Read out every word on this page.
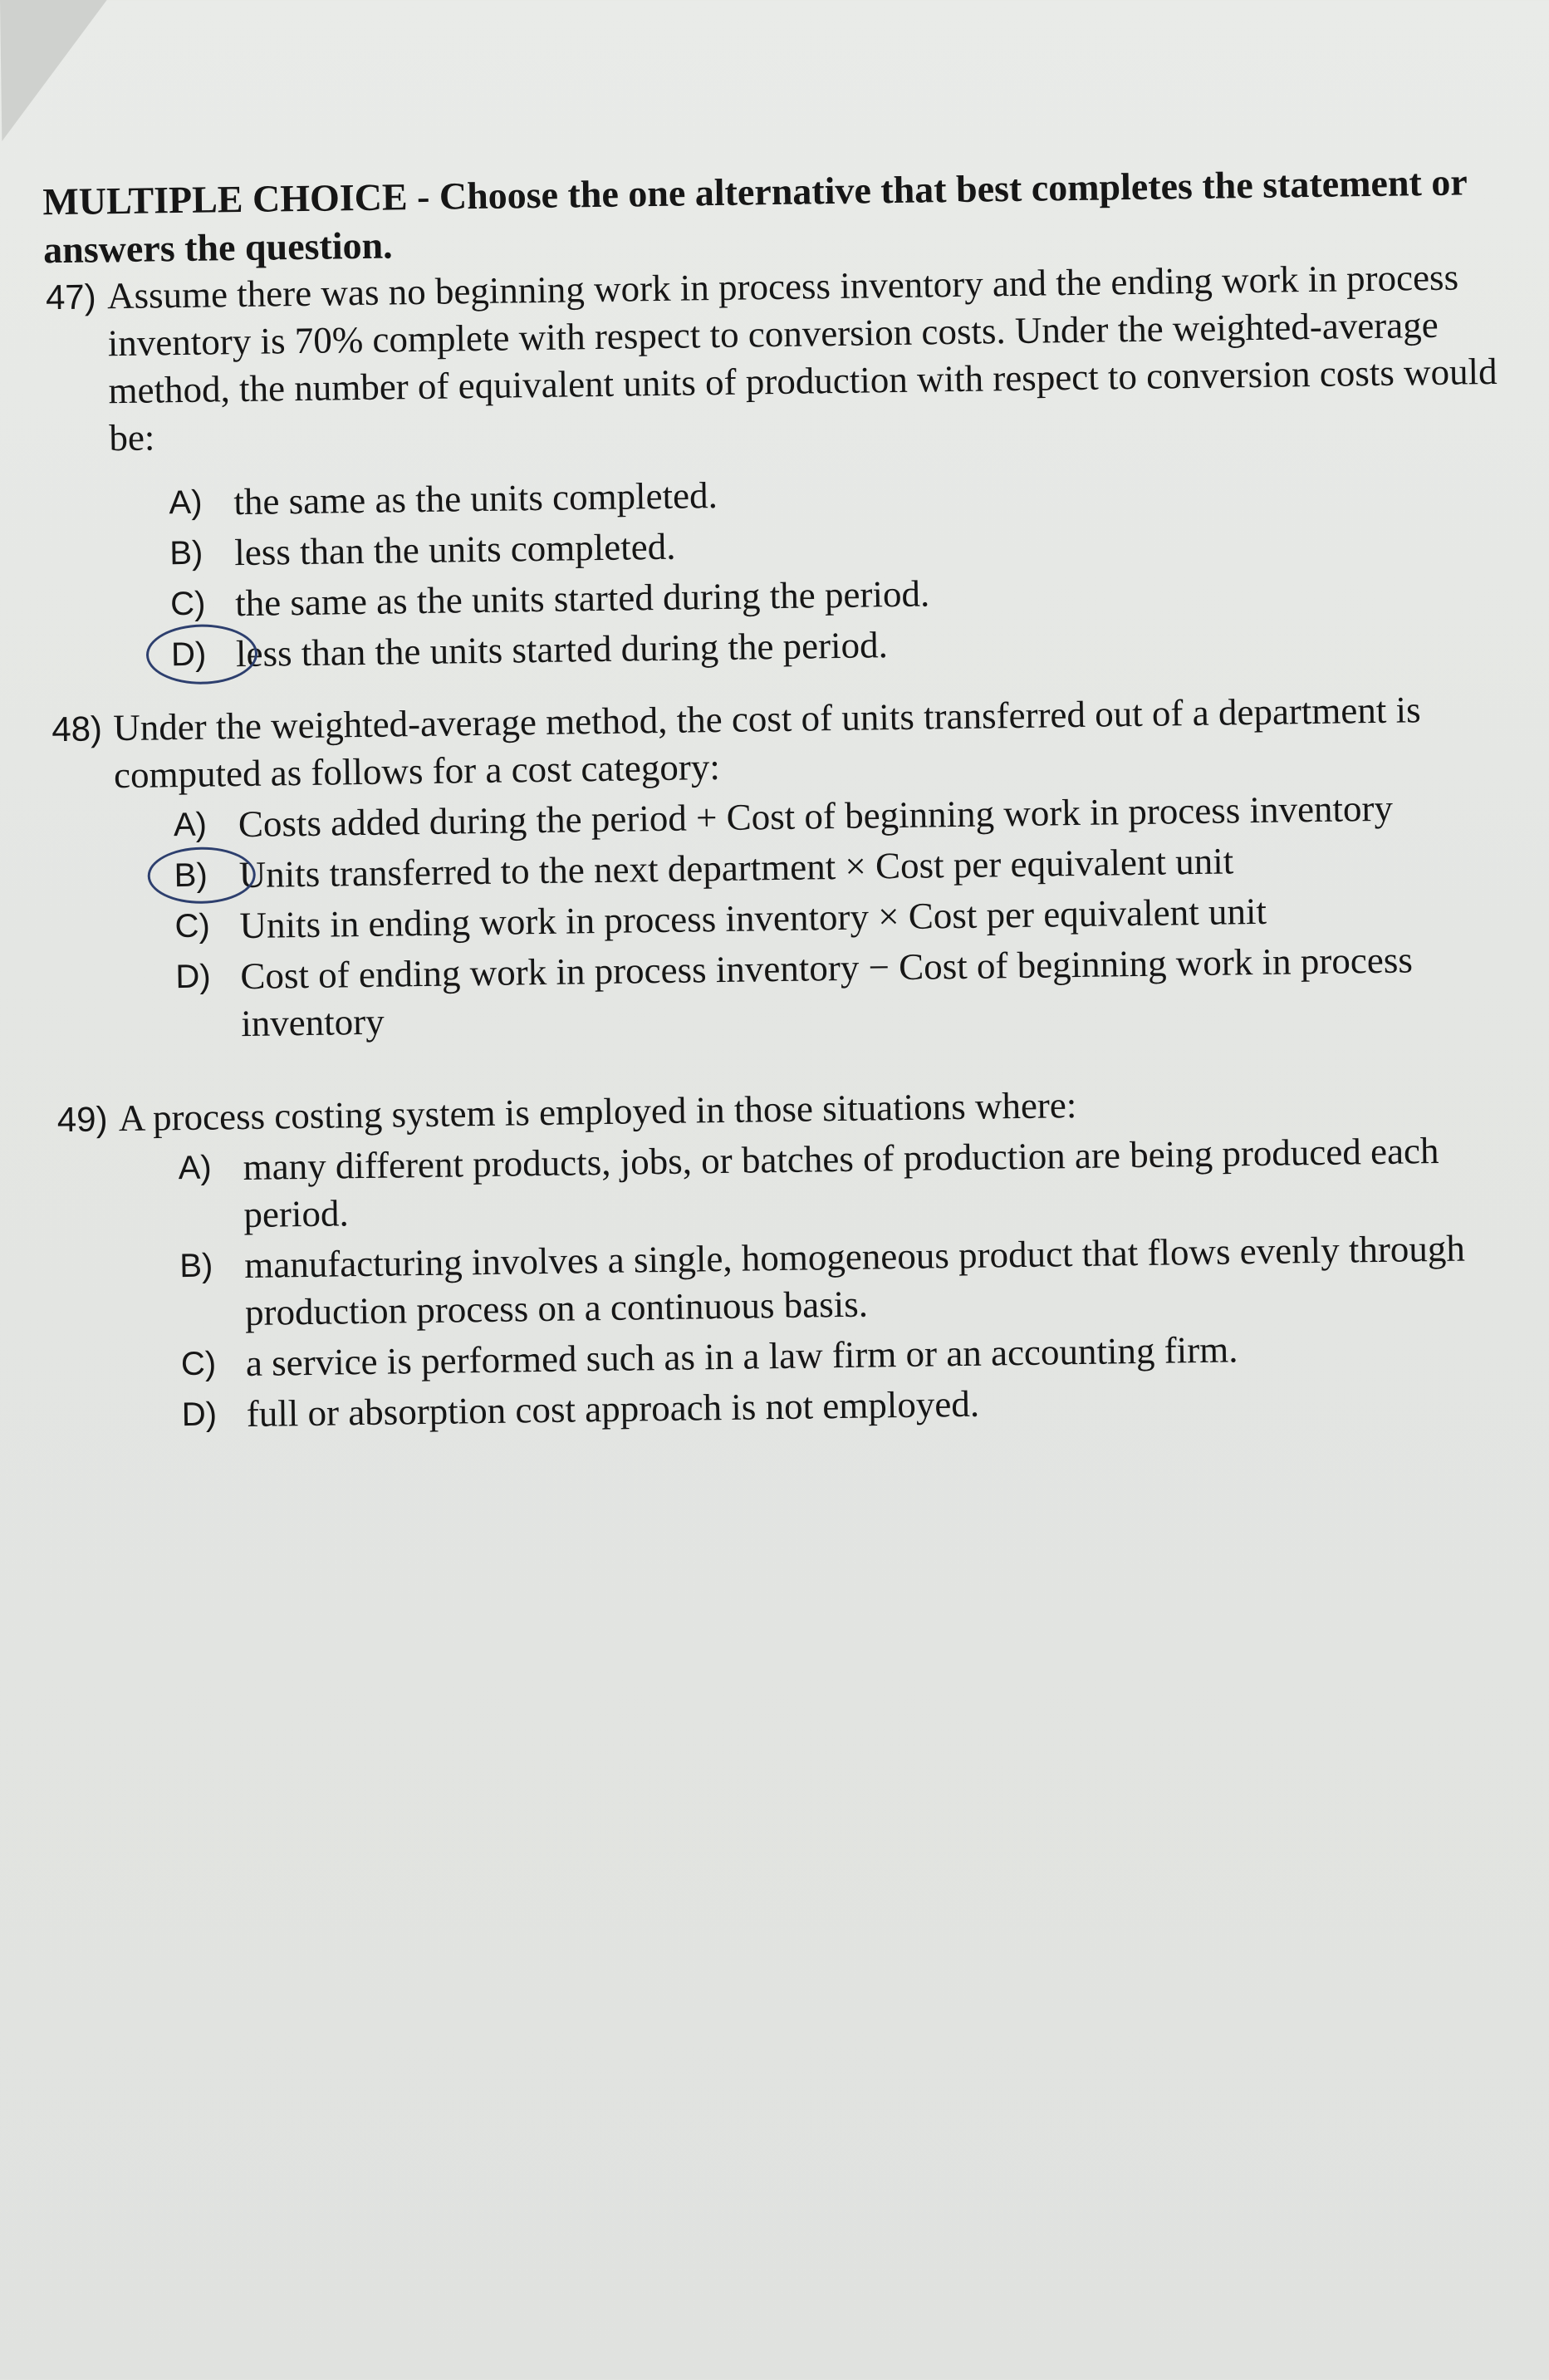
MULTIPLE CHOICE - Choose the one alternative that best completes the statement or answers the question.
47) Assume there was no beginning work in process inventory and the ending work in process inventory is 70% complete with respect to conversion costs. Under the weighted-average method, the number of equivalent units of production with respect to conversion costs would be:
A) the same as the units completed.
B) less than the units completed.
C) the same as the units started during the period.
D) less than the units started during the period.
48) Under the weighted-average method, the cost of units transferred out of a department is computed as follows for a cost category:
A) Costs added during the period + Cost of beginning work in process inventory
B) Units transferred to the next department × Cost per equivalent unit
C) Units in ending work in process inventory × Cost per equivalent unit
D) Cost of ending work in process inventory − Cost of beginning work in process inventory
49) A process costing system is employed in those situations where:
A) many different products, jobs, or batches of production are being produced each period.
B) manufacturing involves a single, homogeneous product that flows evenly through production process on a continuous basis.
C) a service is performed such as in a law firm or an accounting firm.
D) full or absorption cost approach is not employed.
